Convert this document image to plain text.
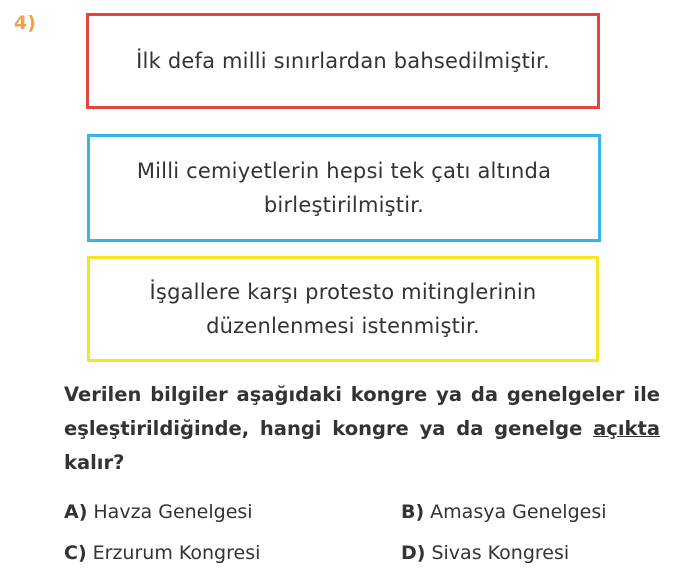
4)
İlk defa milli sınırlardan bahsedilmiştir.
Milli cemiyetlerin hepsi tek çatı altında
birleştirilmiştir.
İşgallere karşı protesto mitinglerinin
düzenlenmesi istenmiştir.
Verilen bilgiler aşağıdaki kongre ya da genelgeler ile eşleştirildiğinde, hangi kongre ya da genelge açıkta kalır?
A) Havza Genelgesi	B) Amasya Genelgesi
C) Erzurum Kongresi	D) Sivas Kongresi
